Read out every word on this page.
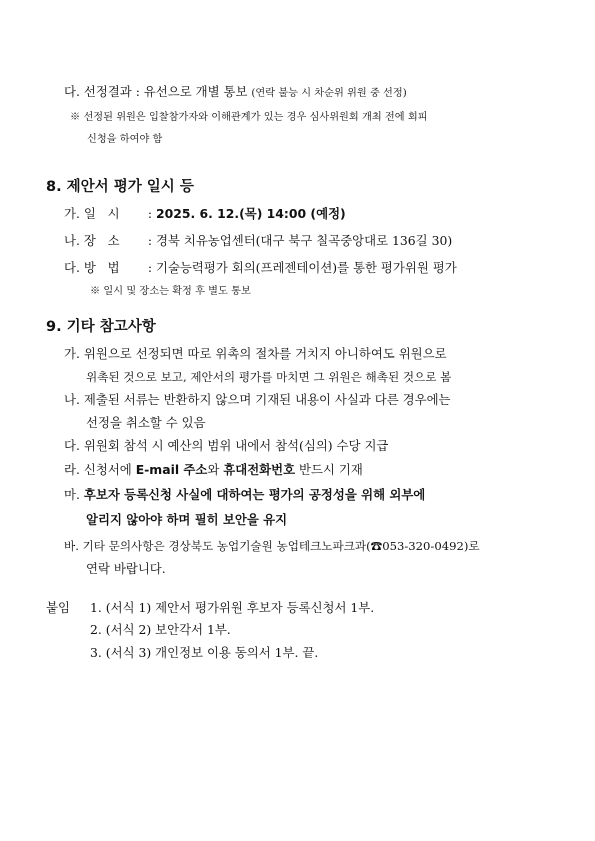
다. 선정결과 : 유선으로 개별 통보 (연락 불능 시 차순위 위원 중 선정)
※ 선정된 위원은 입찰참가자와 이해관계가 있는 경우 심사위원회 개최 전에 회피
신청을 하여야 함
8. 제안서 평가 일시 등
가. 일   시 : 2025. 6. 12.(목) 14:00 (예정)
나. 장   소 : 경북 치유농업센터(대구 북구 칠곡중앙대로 136길 30)
다. 방   법 : 기술능력평가 회의(프레젠테이션)를 통한 평가위원 평가
※ 일시 및 장소는 확정 후 별도 통보
9. 기타 참고사항
가. 위원으로 선정되면 따로 위촉의 절차를 거치지 아니하여도 위원으로
위촉된 것으로 보고, 제안서의 평가를 마치면 그 위원은 해촉된 것으로 봄
나. 제출된 서류는 반환하지 않으며 기재된 내용이 사실과 다른 경우에는
선정을 취소할 수 있음
다. 위원회 참석 시 예산의 범위 내에서 참석(심의) 수당 지급
라. 신청서에 E-mail 주소와 휴대전화번호 반드시 기재
마. 후보자 등록신청 사실에 대하여는 평가의 공정성을 위해 외부에
알리지 않아야 하며 필히 보안을 유지
바. 기타 문의사항은 경상북도 농업기술원 농업테크노파크과(☎053-320-0492)로
연락 바랍니다.
붙임 1. (서식 1) 제안서 평가위원 후보자 등록신청서 1부.
2. (서식 2) 보안각서 1부.
3. (서식 3) 개인정보 이용 동의서 1부. 끝.
